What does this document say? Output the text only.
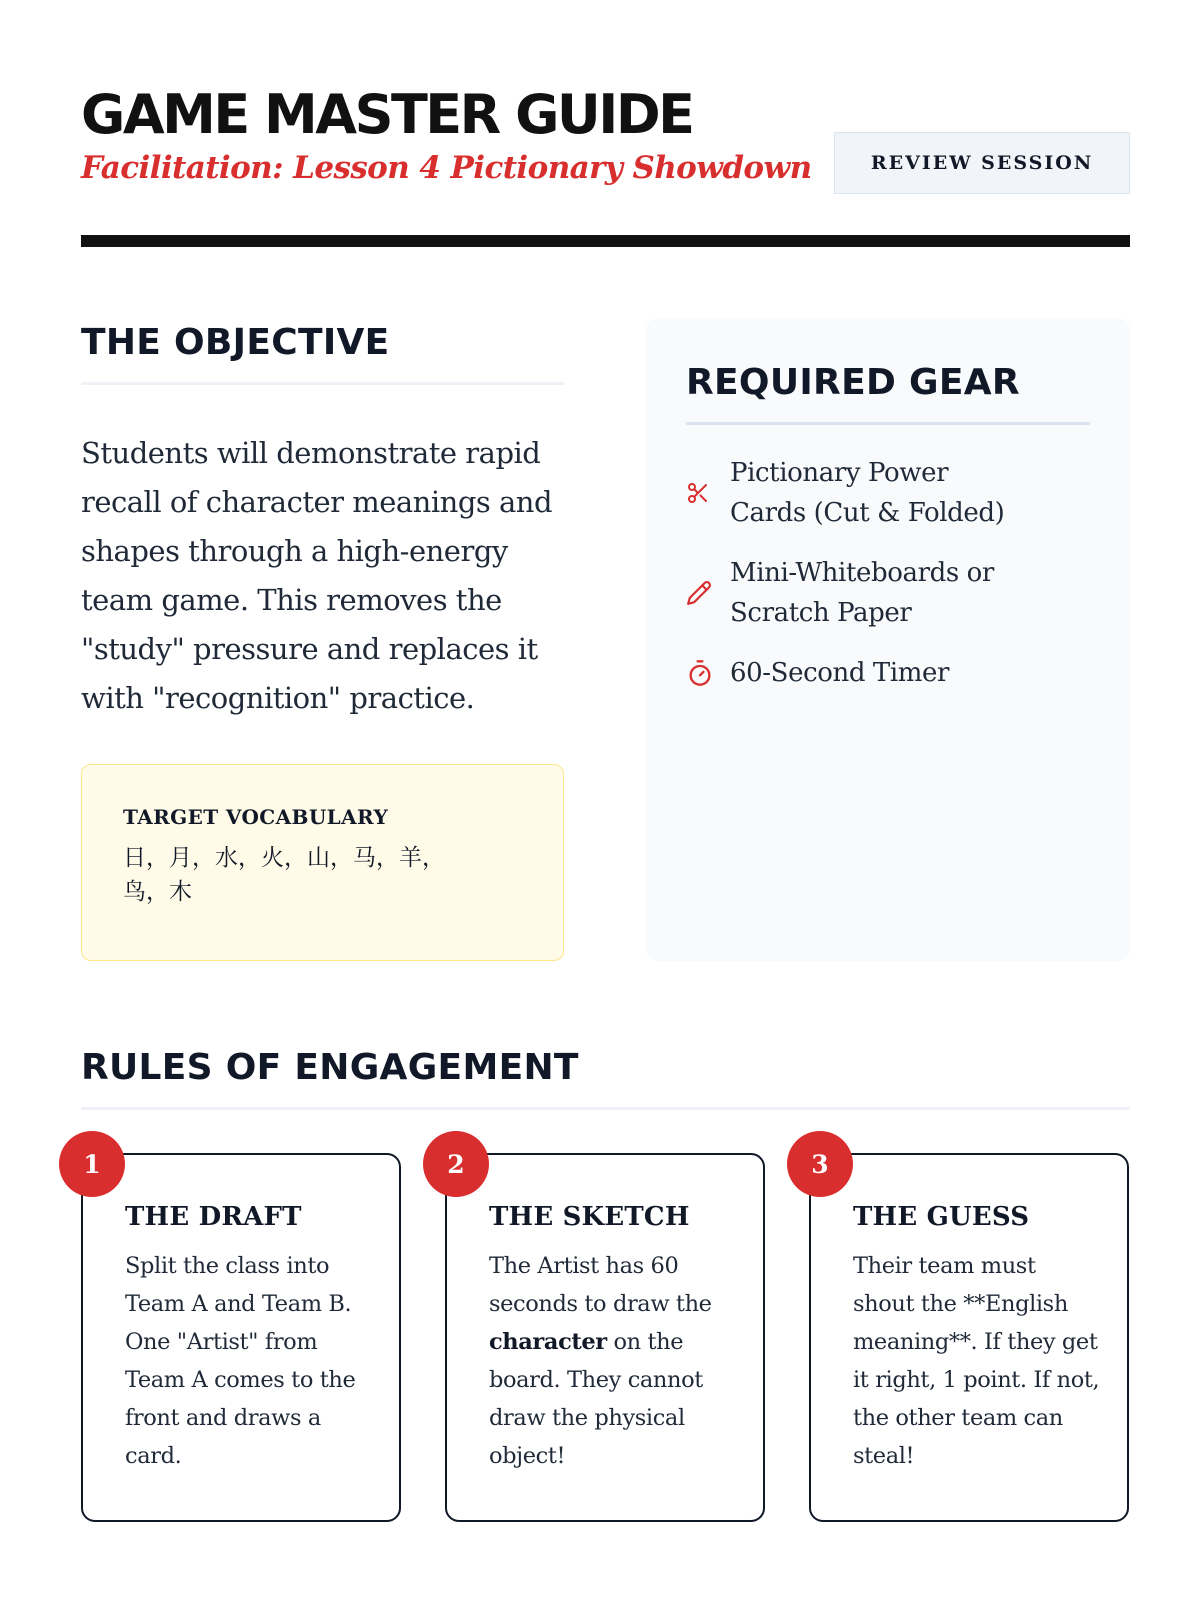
GAME MASTER GUIDE
Facilitation: Lesson 4 Pictionary Showdown	REVIEW SESSION
THE OBJECTIVE

Students will demonstrate rapid recall of character meanings and shapes through a high-energy team game. This removes the "study" pressure and replaces it with "recognition" practice.

TARGET VOCABULARY
日，月，水，火，山，马，羊，鸟，木
REQUIRED GEAR
Pictionary Power Cards (Cut & Folded)
Mini-Whiteboards or Scratch Paper
60-Second Timer
RULES OF ENGAGEMENT
1
THE DRAFT

Split the class into Team A and Team B. One "Artist" from Team A comes to the front and draws a card.

2
THE SKETCH

The Artist has 60 seconds to draw the character on the board. They cannot draw the physical object!

3
THE GUESS

Their team must shout the **English meaning**. If they get it right, 1 point. If not, the other team can steal!
